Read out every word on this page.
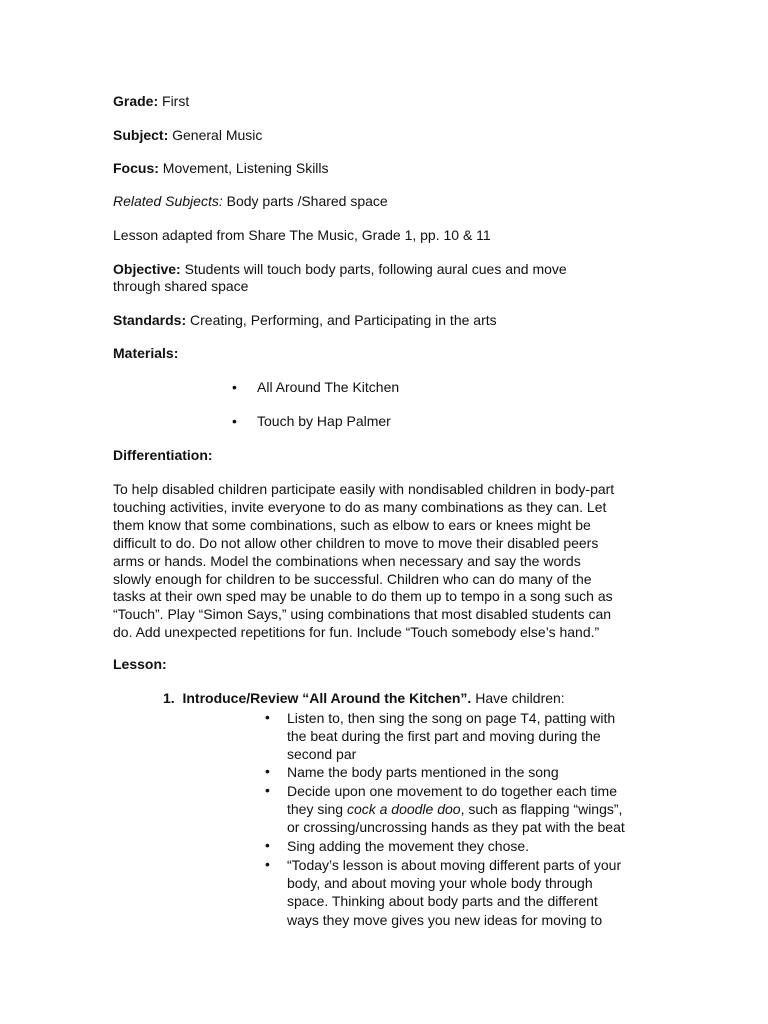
Grade: First
Subject: General Music
Focus: Movement, Listening Skills
Related Subjects: Body parts /Shared space
Lesson adapted from Share The Music, Grade 1, pp. 10 & 11
Objective: Students will touch body parts, following aural cues and move
through shared space
Standards: Creating, Performing, and Participating in the arts
Materials:
• All Around The Kitchen
• Touch by Hap Palmer
Differentiation:
To help disabled children participate easily with nondisabled children in body-part
touching activities, invite everyone to do as many combinations as they can. Let
them know that some combinations, such as elbow to ears or knees might be
difficult to do. Do not allow other children to move to move their disabled peers
arms or hands. Model the combinations when necessary and say the words
slowly enough for children to be successful. Children who can do many of the
tasks at their own sped may be unable to do them up to tempo in a song such as
“Touch”. Play “Simon Says,” using combinations that most disabled students can
do. Add unexpected repetitions for fun. Include “Touch somebody else’s hand.”
Lesson:
1. Introduce/Review “All Around the Kitchen”. Have children:
• Listen to, then sing the song on page T4, patting with
the beat during the first part and moving during the
second par
• Name the body parts mentioned in the song
• Decide upon one movement to do together each time
they sing cock a doodle doo, such as flapping “wings”,
or crossing/uncrossing hands as they pat with the beat
• Sing adding the movement they chose.
• “Today’s lesson is about moving different parts of your
body, and about moving your whole body through
space. Thinking about body parts and the different
ways they move gives you new ideas for moving to
